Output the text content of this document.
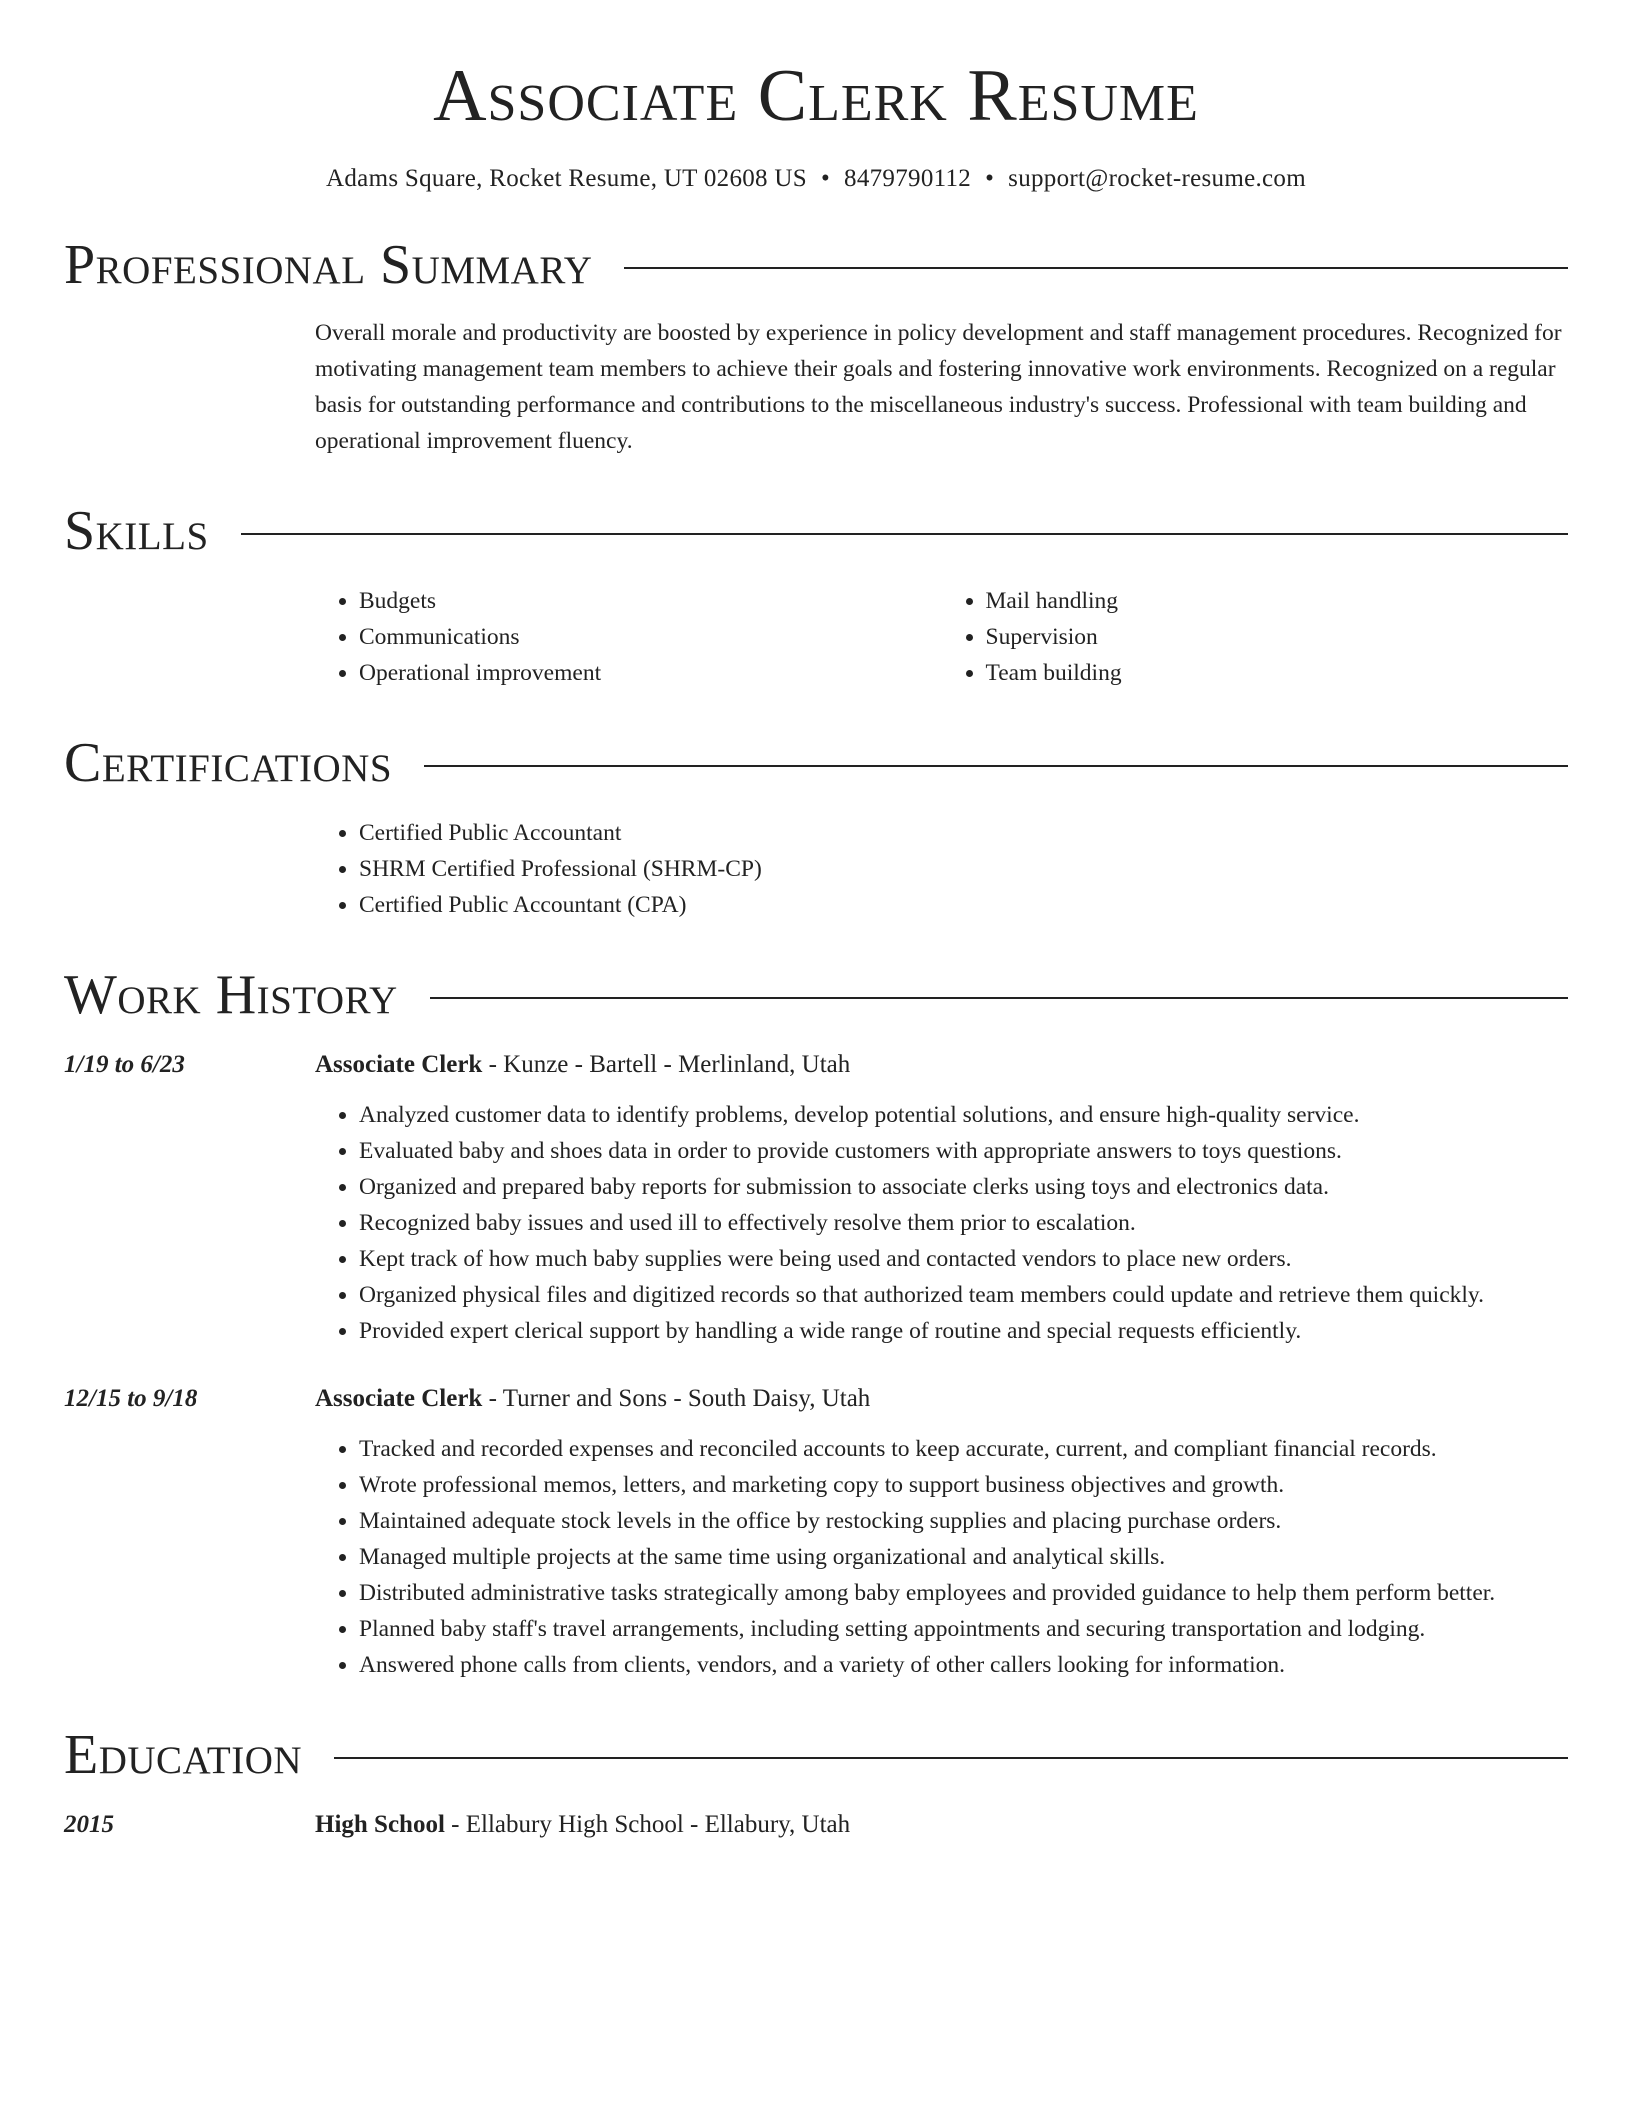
Associate Clerk Resume
Adams Square, Rocket Resume, UT 02608 US • 8479790112 • support@rocket-resume.com
Professional Summary
Overall morale and productivity are boosted by experience in policy development and staff management procedures. Recognized for motivating management team members to achieve their goals and fostering innovative work environments. Recognized on a regular basis for outstanding performance and contributions to the miscellaneous industry's success. Professional with team building and operational improvement fluency.
Skills
• Budgets
• Communications
• Operational improvement
• Mail handling
• Supervision
• Team building
Certifications
• Certified Public Accountant
• SHRM Certified Professional (SHRM-CP)
• Certified Public Accountant (CPA)
Work History
1/19 to 6/23	Associate Clerk - Kunze - Bartell - Merlinland, Utah
• Analyzed customer data to identify problems, develop potential solutions, and ensure high-quality service.
• Evaluated baby and shoes data in order to provide customers with appropriate answers to toys questions.
• Organized and prepared baby reports for submission to associate clerks using toys and electronics data.
• Recognized baby issues and used ill to effectively resolve them prior to escalation.
• Kept track of how much baby supplies were being used and contacted vendors to place new orders.
• Organized physical files and digitized records so that authorized team members could update and retrieve them quickly.
• Provided expert clerical support by handling a wide range of routine and special requests efficiently.
12/15 to 9/18	Associate Clerk - Turner and Sons - South Daisy, Utah
• Tracked and recorded expenses and reconciled accounts to keep accurate, current, and compliant financial records.
• Wrote professional memos, letters, and marketing copy to support business objectives and growth.
• Maintained adequate stock levels in the office by restocking supplies and placing purchase orders.
• Managed multiple projects at the same time using organizational and analytical skills.
• Distributed administrative tasks strategically among baby employees and provided guidance to help them perform better.
• Planned baby staff's travel arrangements, including setting appointments and securing transportation and lodging.
• Answered phone calls from clients, vendors, and a variety of other callers looking for information.
Education
2015	High School - Ellabury High School - Ellabury, Utah
